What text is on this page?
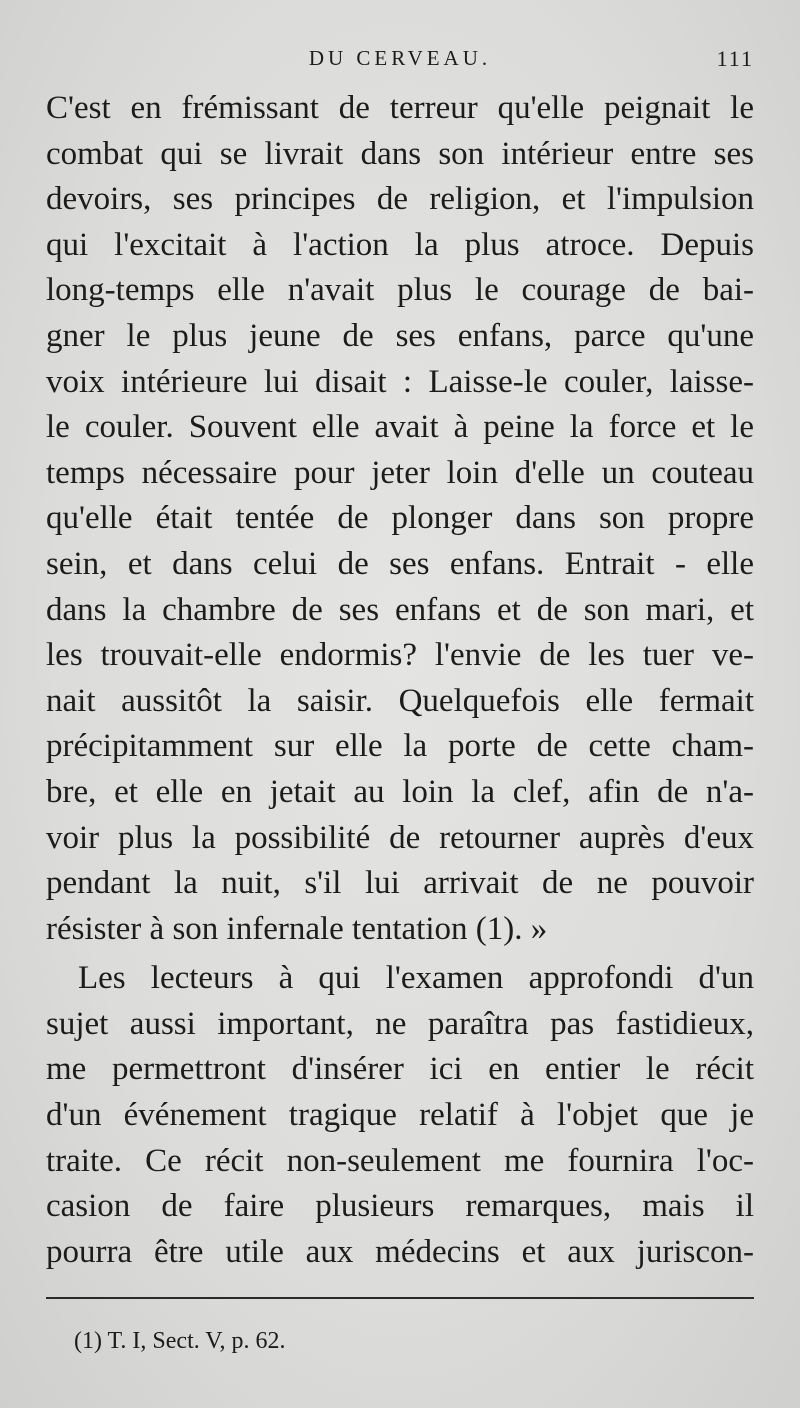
DU CERVEAU.	111
C'est en frémissant de terreur qu'elle peignait le
combat qui se livrait dans son intérieur entre ses
devoirs, ses principes de religion, et l'impulsion
qui l'excitait à l'action la plus atroce. Depuis
long-temps elle n'avait plus le courage de bai-
gner le plus jeune de ses enfans, parce qu'une
voix intérieure lui disait : Laisse-le couler, laisse-
le couler. Souvent elle avait à peine la force et le
temps nécessaire pour jeter loin d'elle un couteau
qu'elle était tentée de plonger dans son propre
sein, et dans celui de ses enfans. Entrait - elle
dans la chambre de ses enfans et de son mari, et
les trouvait-elle endormis? l'envie de les tuer ve-
nait aussitôt la saisir. Quelquefois elle fermait
précipitamment sur elle la porte de cette cham-
bre, et elle en jetait au loin la clef, afin de n'a-
voir plus la possibilité de retourner auprès d'eux
pendant la nuit, s'il lui arrivait de ne pouvoir
résister à son infernale tentation (1). »
Les lecteurs à qui l'examen approfondi d'un
sujet aussi important, ne paraîtra pas fastidieux,
me permettront d'insérer ici en entier le récit
d'un événement tragique relatif à l'objet que je
traite. Ce récit non-seulement me fournira l'oc-
casion de faire plusieurs remarques, mais il
pourra être utile aux médecins et aux juriscon-
(1) T. I, Sect. V, p. 62.
